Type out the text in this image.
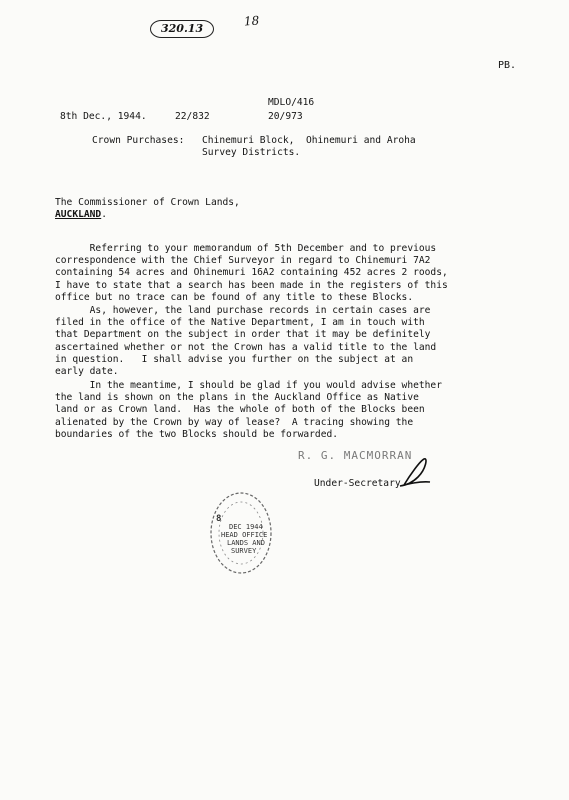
320.13	18
PB.
MDLO/416
8th Dec., 1944.	22/832	20/973
Crown Purchases: Chinemuri Block,  Ohinemuri and Aroha
Survey Districts.
The Commissioner of Crown Lands,
AUCKLAND.
Referring to your memorandum of 5th December and to previous
correspondence with the Chief Surveyor in regard to Chinemuri 7A2
containing 54 acres and Ohinemuri 16A2 containing 452 acres 2 roods,
I have to state that a search has been made in the registers of this
office but no trace can be found of any title to these Blocks.
As, however, the land purchase records in certain cases are
filed in the office of the Native Department, I am in touch with
that Department on the subject in order that it may be definitely
ascertained whether or not the Crown has a valid title to the land
in question.   I shall advise you further on the subject at an
early date.
In the meantime, I should be glad if you would advise whether
the land is shown on the plans in the Auckland Office as Native
land or as Crown land.  Has the whole of both of the Blocks been
alienated by the Crown by way of lease?  A tracing showing the
boundaries of the two Blocks should be forwarded.
R. G. MACMORRAN
Under-Secretary.
8
DEC 1944
HEAD OFFICE
LANDS AND
SURVEY
